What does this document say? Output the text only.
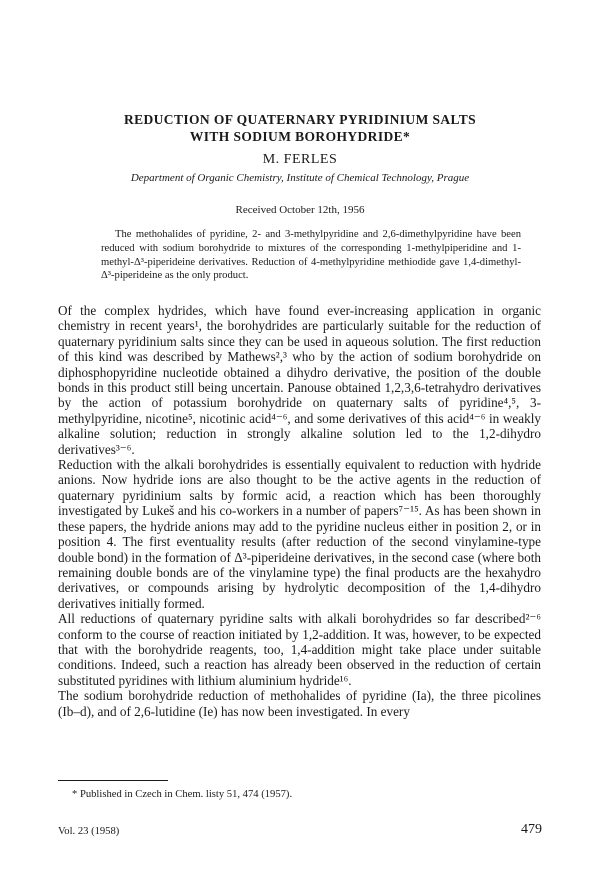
REDUCTION OF QUATERNARY PYRIDINIUM SALTS
WITH SODIUM BOROHYDRIDE*
M. FERLES
Department of Organic Chemistry, Institute of Chemical Technology, Prague
Received October 12th, 1956
The methohalides of pyridine, 2- and 3-methylpyridine and 2,6-dimethylpyridine have been reduced with sodium borohydride to mixtures of the corresponding 1-methylpiperidine and 1-methyl-Δ³-piperideine derivatives. Reduction of 4-methylpyridine methiodide gave 1,4-dimethyl-Δ³-piperideine as the only product.

Of the complex hydrides, which have found ever-increasing application in organic chemistry in recent years¹, the borohydrides are particularly suitable for the reduction of quaternary pyridinium salts since they can be used in aqueous solution. The first reduction of this kind was described by Mathews²,³ who by the action of sodium borohydride on diphosphopyridine nucleotide obtained a dihydro derivative, the position of the double bonds in this product still being uncertain. Panouse obtained 1,2,3,6-tetrahydro derivatives by the action of potassium borohydride on quaternary salts of pyridine⁴,⁵, 3-methylpyridine, nicotine⁵, nicotinic acid⁴⁻⁶, and some derivatives of this acid⁴⁻⁶ in weakly alkaline solution; reduction in strongly alkaline solution led to the 1,2-dihydro derivatives³⁻⁶.

Reduction with the alkali borohydrides is essentially equivalent to reduction with hydride anions. Now hydride ions are also thought to be the active agents in the reduction of quaternary pyridinium salts by formic acid, a reaction which has been thoroughly investigated by Lukeš and his co-workers in a number of papers⁷⁻¹⁵. As has been shown in these papers, the hydride anions may add to the pyridine nucleus either in position 2, or in position 4. The first eventuality results (after reduction of the second vinylamine-type double bond) in the formation of Δ³-piperideine derivatives, in the second case (where both remaining double bonds are of the vinylamine type) the final products are the hexahydro derivatives, or compounds arising by hydrolytic decomposition of the 1,4-dihydro derivatives initially formed.

All reductions of quaternary pyridine salts with alkali borohydrides so far described²⁻⁶ conform to the course of reaction initiated by 1,2-addition. It was, however, to be expected that with the borohydride reagents, too, 1,4-addition might take place under suitable conditions. Indeed, such a reaction has already been observed in the reduction of certain substituted pyridines with lithium aluminium hydride¹⁶.

The sodium borohydride reduction of methohalides of pyridine (Ia), the three picolines (Ib–d), and of 2,6-lutidine (Ie) has now been investigated. In every

* Published in Czech in Chem. listy 51, 474 (1957).
Vol. 23 (1958)	479
